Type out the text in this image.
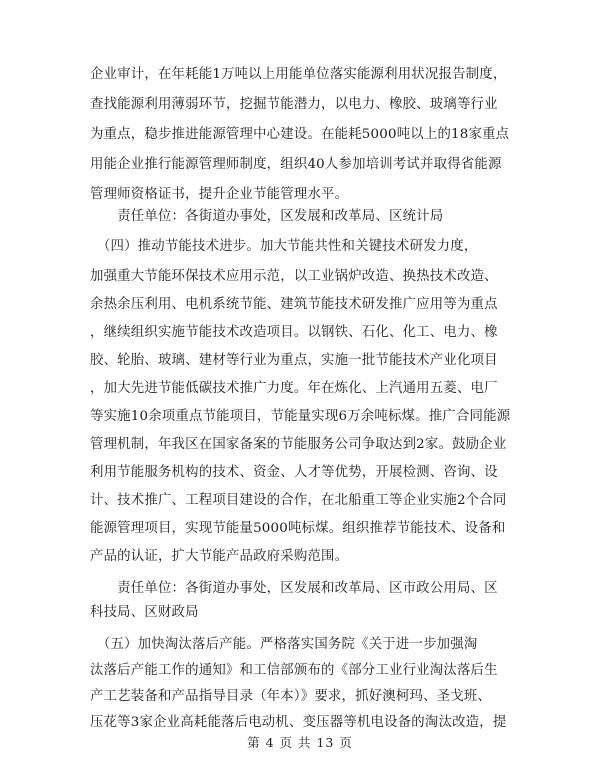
企业审计，在年耗能1万吨以上用能单位落实能源利用状况报告制度，
查找能源利用薄弱环节，挖掘节能潜力，以电力、橡胶、玻璃等行业
为重点，稳步推进能源管理中心建设。在能耗5000吨以上的18家重点
用能企业推行能源管理师制度，组织40人参加培训考试并取得省能源
管理师资格证书，提升企业节能管理水平。
　　责任单位：各街道办事处，区发展和改革局、区统计局
　（四）推动节能技术进步。加大节能共性和关键技术研发力度，
加强重大节能环保技术应用示范，以工业锅炉改造、换热技术改造、
余热余压利用、电机系统节能、建筑节能技术研发推广应用等为重点
，继续组织实施节能技术改造项目。以钢铁、石化、化工、电力、橡
胶、轮胎、玻璃、建材等行业为重点，实施一批节能技术产业化项目
，加大先进节能低碳技术推广力度。年在炼化、上汽通用五菱、电厂
等实施10余项重点节能项目，节能量实现6万余吨标煤。推广合同能源
管理机制，年我区在国家备案的节能服务公司争取达到2家。鼓励企业
利用节能服务机构的技术、资金、人才等优势，开展检测、咨询、设
计、技术推广、工程项目建设的合作，在北船重工等企业实施2个合同
能源管理项目，实现节能量5000吨标煤。组织推荐节能技术、设备和
产品的认证，扩大节能产品政府采购范围。
　　责任单位：各街道办事处，区发展和改革局、区市政公用局、区
科技局、区财政局
　（五）加快淘汰落后产能。严格落实国务院《关于进一步加强淘
汰落后产能工作的通知》和工信部颁布的《部分工业行业淘汰落后生
产工艺装备和产品指导目录（年本）》要求，抓好澳柯玛、圣戈班、
压花等3家企业高耗能落后电动机、变压器等机电设备的淘汰改造，提
第 4 页 共 13 页
